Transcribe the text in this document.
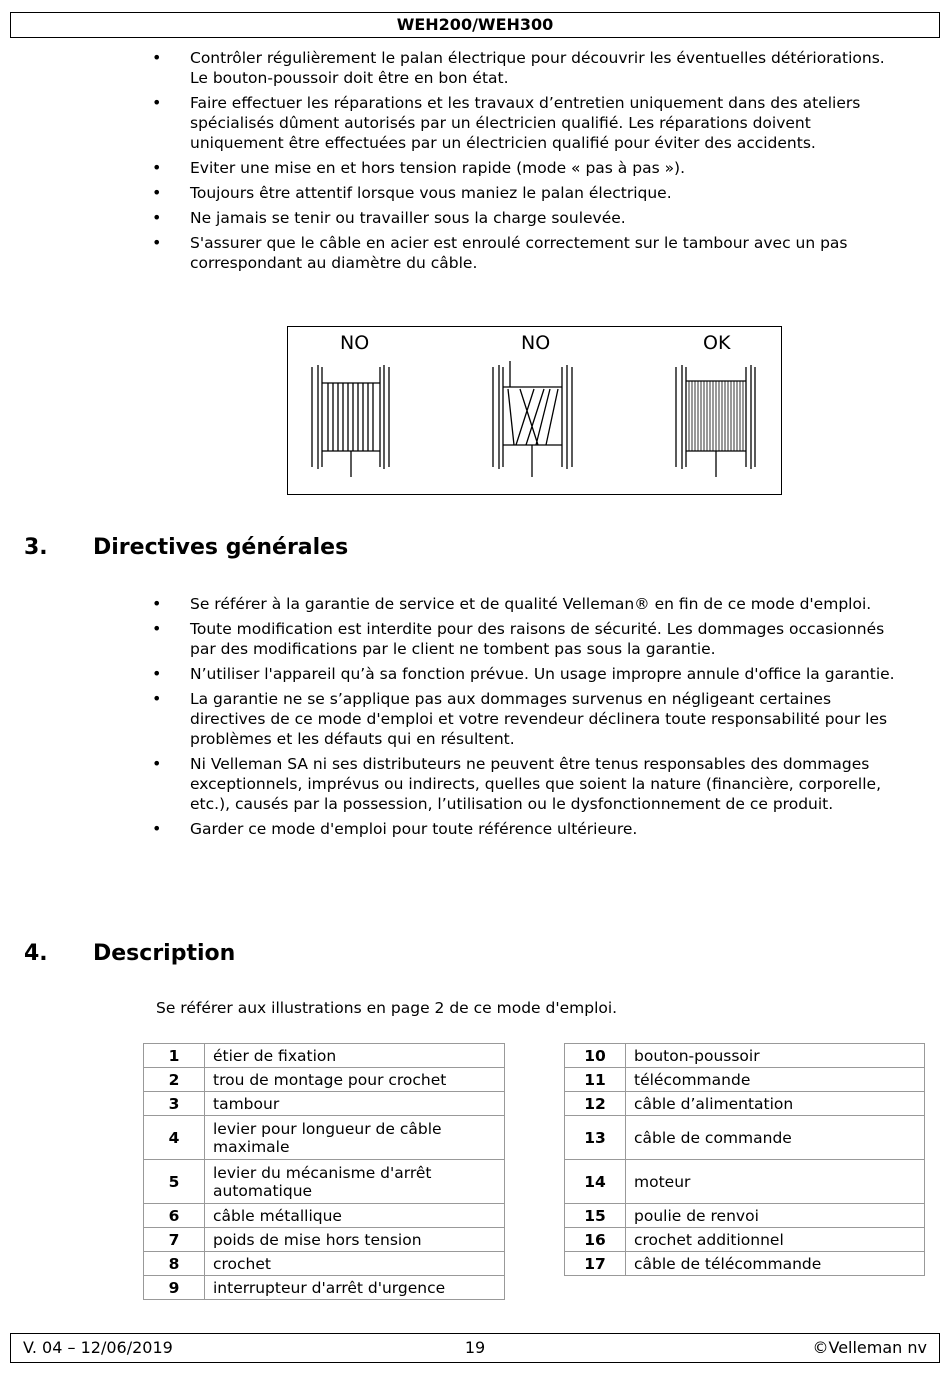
WEH200/WEH300
• Contrôler régulièrement le palan électrique pour découvrir les éventuelles détériorations. Le bouton-poussoir doit être en bon état.
• Faire effectuer les réparations et les travaux d’entretien uniquement dans des ateliers spécialisés dûment autorisés par un électricien qualifié. Les réparations doivent uniquement être effectuées par un électricien qualifié pour éviter des accidents.
• Eviter une mise en et hors tension rapide (mode « pas à pas »).
• Toujours être attentif lorsque vous maniez le palan électrique.
• Ne jamais se tenir ou travailler sous la charge soulevée.
• S'assurer que le câble en acier est enroulé correctement sur le tambour avec un pas correspondant au diamètre du câble.
NO	NO	OK
3. Directives générales
• Se référer à la garantie de service et de qualité Velleman® en fin de ce mode d'emploi.
• Toute modification est interdite pour des raisons de sécurité. Les dommages occasionnés par des modifications par le client ne tombent pas sous la garantie.
• N’utiliser l'appareil qu’à sa fonction prévue. Un usage impropre annule d'office la garantie.
• La garantie ne se s’applique pas aux dommages survenus en négligeant certaines directives de ce mode d'emploi et votre revendeur déclinera toute responsabilité pour les problèmes et les défauts qui en résultent.
• Ni Velleman SA ni ses distributeurs ne peuvent être tenus responsables des dommages exceptionnels, imprévus ou indirects, quelles que soient la nature (financière, corporelle, etc.), causés par la possession, l’utilisation ou le dysfonctionnement de ce produit.
• Garder ce mode d'emploi pour toute référence ultérieure.
4. Description
Se référer aux illustrations en page 2 de ce mode d'emploi.
1	étier de fixation
2	trou de montage pour crochet
3	tambour
4	levier pour longueur de câble maximale
5	levier du mécanisme d'arrêt automatique
6	câble métallique
7	poids de mise hors tension
8	crochet
9	interrupteur d'arrêt d'urgence
10	bouton-poussoir
11	télécommande
12	câble d’alimentation
13	câble de commande
14	moteur
15	poulie de renvoi
16	crochet additionnel
17	câble de télécommande
V. 04 – 12/06/2019	19	©Velleman nv
